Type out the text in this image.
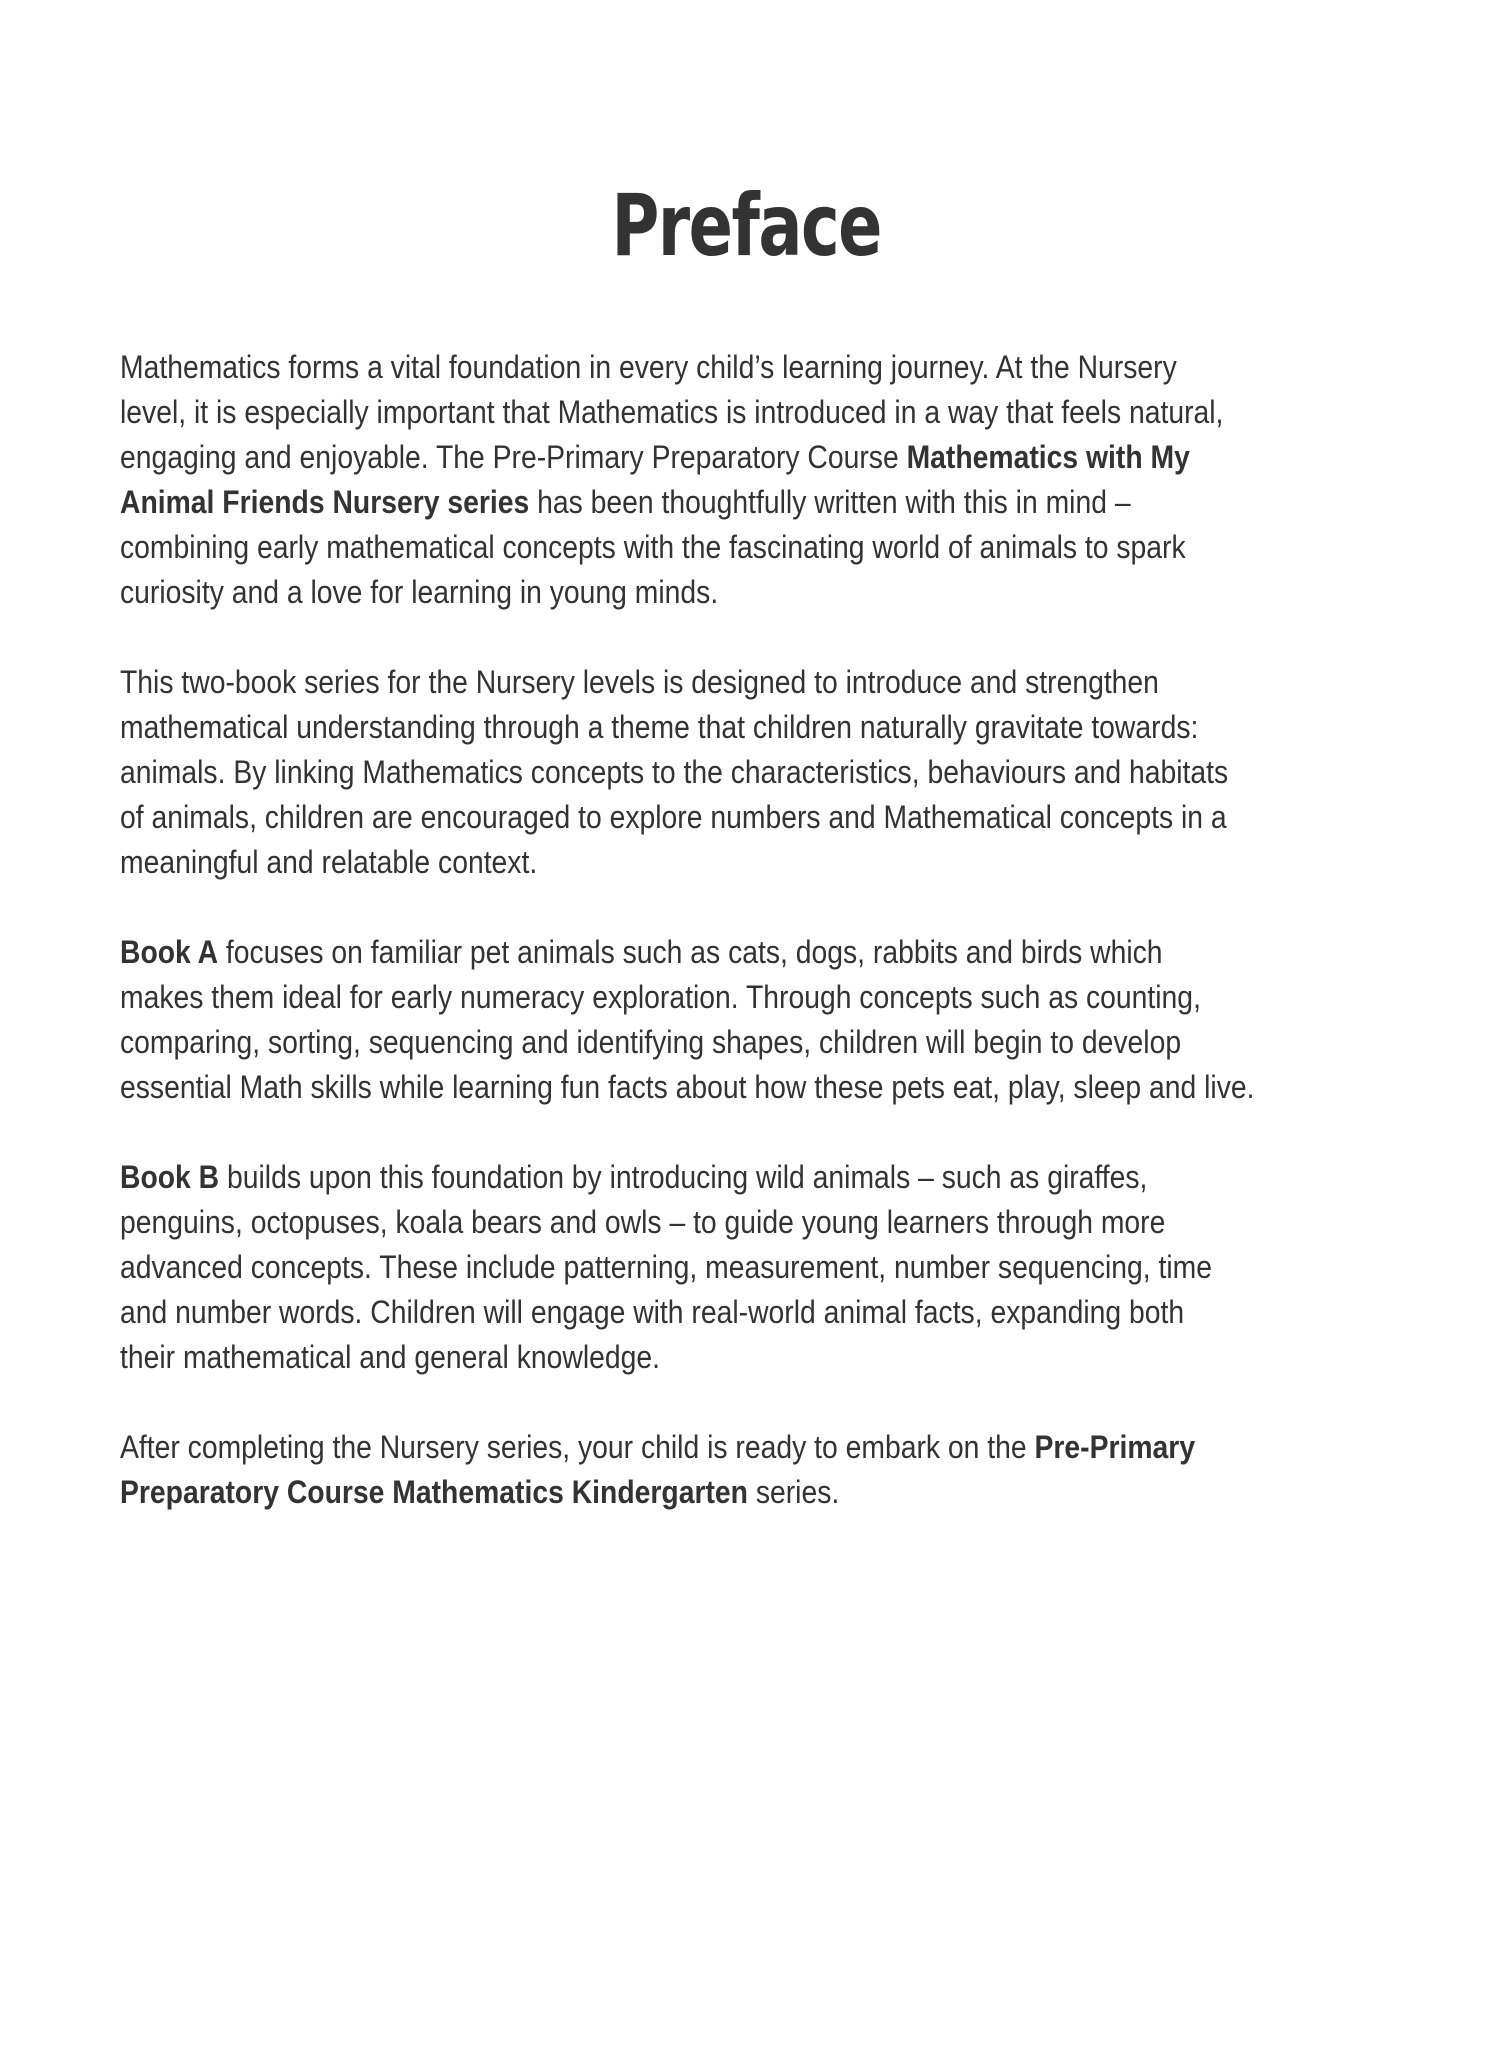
Preface

Mathematics forms a vital foundation in every child’s learning journey. At the Nursery
level, it is especially important that Mathematics is introduced in a way that feels natural,
engaging and enjoyable. The Pre-Primary Preparatory Course Mathematics with My
Animal Friends Nursery series has been thoughtfully written with this in mind –
combining early mathematical concepts with the fascinating world of animals to spark
curiosity and a love for learning in young minds.

This two-book series for the Nursery levels is designed to introduce and strengthen
mathematical understanding through a theme that children naturally gravitate towards:
animals. By linking Mathematics concepts to the characteristics, behaviours and habitats
of animals, children are encouraged to explore numbers and Mathematical concepts in a
meaningful and relatable context.

Book A focuses on familiar pet animals such as cats, dogs, rabbits and birds which
makes them ideal for early numeracy exploration. Through concepts such as counting,
comparing, sorting, sequencing and identifying shapes, children will begin to develop
essential Math skills while learning fun facts about how these pets eat, play, sleep and live.

Book B builds upon this foundation by introducing wild animals – such as giraffes,
penguins, octopuses, koala bears and owls – to guide young learners through more
advanced concepts. These include patterning, measurement, number sequencing, time
and number words. Children will engage with real-world animal facts, expanding both
their mathematical and general knowledge.

After completing the Nursery series, your child is ready to embark on the Pre-Primary
Preparatory Course Mathematics Kindergarten series.
